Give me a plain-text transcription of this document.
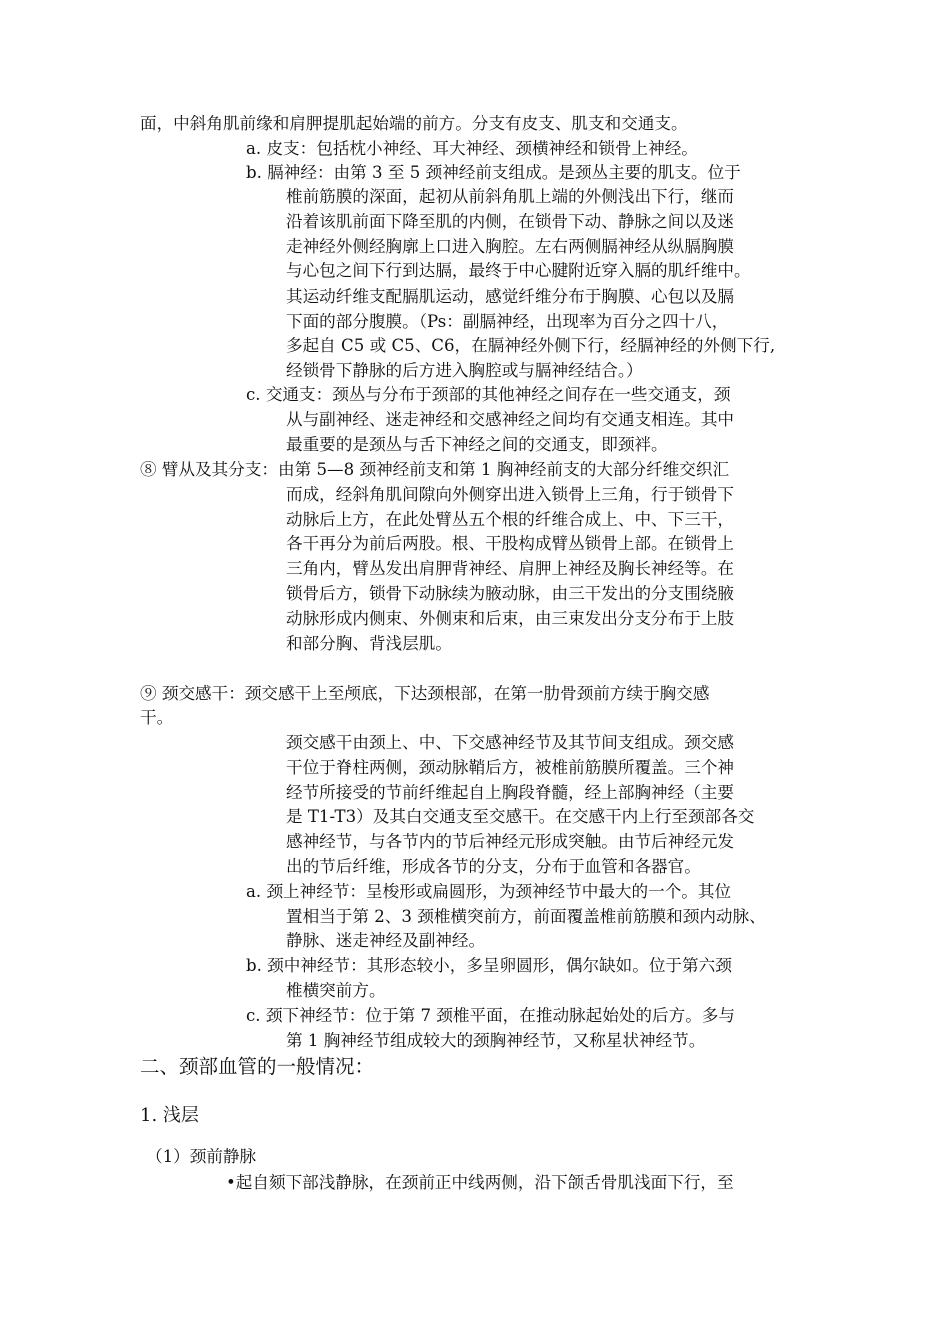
面，中斜角肌前缘和肩胛提肌起始端的前方。分支有皮支、肌支和交通支。
a. 皮支：包括枕小神经、耳大神经、颈横神经和锁骨上神经。
b. 膈神经：由第 3 至 5 颈神经前支组成。是颈丛主要的肌支。位于
椎前筋膜的深面，起初从前斜角肌上端的外侧浅出下行，继而
沿着该肌前面下降至肌的内侧，在锁骨下动、静脉之间以及迷
走神经外侧经胸廓上口进入胸腔。左右两侧膈神经从纵膈胸膜
与心包之间下行到达膈，最终于中心腱附近穿入膈的肌纤维中。
其运动纤维支配膈肌运动，感觉纤维分布于胸膜、心包以及膈
下面的部分腹膜。（Ps：副膈神经，出现率为百分之四十八，
多起自 C5 或 C5、C6，在膈神经外侧下行，经膈神经的外侧下行,
经锁骨下静脉的后方进入胸腔或与膈神经结合。）
c. 交通支：颈丛与分布于颈部的其他神经之间存在一些交通支，颈
从与副神经、迷走神经和交感神经之间均有交通支相连。其中
最重要的是颈丛与舌下神经之间的交通支，即颈袢。
⑧ 臂从及其分支：由第 5—8 颈神经前支和第 1 胸神经前支的大部分纤维交织汇
而成，经斜角肌间隙向外侧穿出进入锁骨上三角，行于锁骨下
动脉后上方，在此处臂丛五个根的纤维合成上、中、下三干，
各干再分为前后两股。根、干股构成臂丛锁骨上部。在锁骨上
三角内，臂丛发出肩胛背神经、肩胛上神经及胸长神经等。在
锁骨后方，锁骨下动脉续为腋动脉，由三干发出的分支围绕腋
动脉形成内侧束、外侧束和后束，由三束发出分支分布于上肢
和部分胸、背浅层肌。
⑨ 颈交感干：颈交感干上至颅底，下达颈根部，在第一肋骨颈前方续于胸交感
干。
颈交感干由颈上、中、下交感神经节及其节间支组成。颈交感
干位于脊柱两侧，颈动脉鞘后方，被椎前筋膜所覆盖。三个神
经节所接受的节前纤维起自上胸段脊髓，经上部胸神经（主要
是 T1-T3）及其白交通支至交感干。在交感干内上行至颈部各交
感神经节，与各节内的节后神经元形成突触。由节后神经元发
出的节后纤维，形成各节的分支，分布于血管和各器官。
a. 颈上神经节：呈梭形或扁圆形，为颈神经节中最大的一个。其位
置相当于第 2、3 颈椎横突前方，前面覆盖椎前筋膜和颈内动脉、
静脉、迷走神经及副神经。
b. 颈中神经节：其形态较小，多呈卵圆形，偶尔缺如。位于第六颈
椎横突前方。
c. 颈下神经节：位于第 7 颈椎平面，在推动脉起始处的后方。多与
第 1 胸神经节组成较大的颈胸神经节，又称星状神经节。
二、颈部血管的一般情况：
1. 浅层
（1）颈前静脉
•起自颏下部浅静脉，在颈前正中线两侧，沿下颌舌骨肌浅面下行，至
